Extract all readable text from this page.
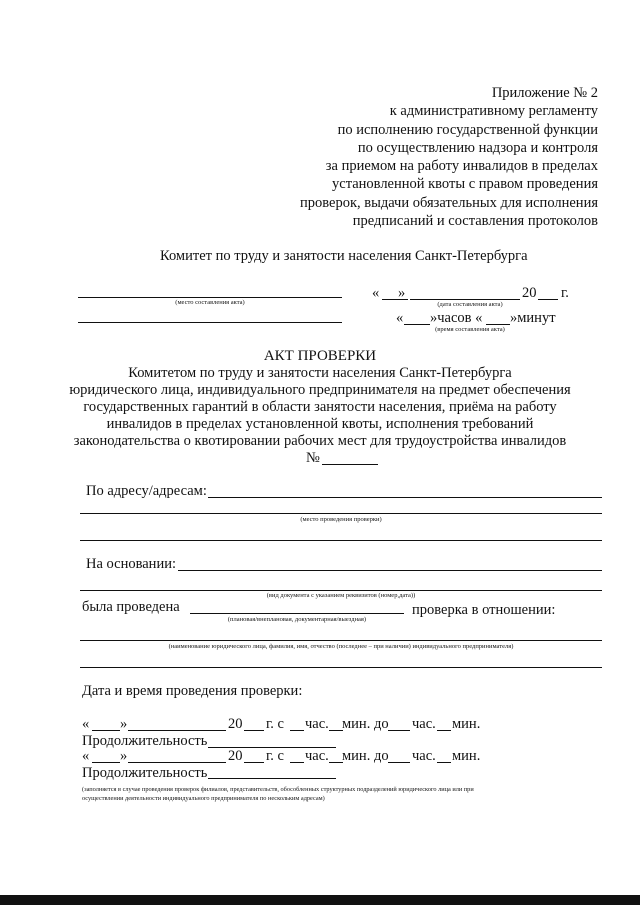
Приложение № 2
к административному регламенту
по исполнению государственной функции
по осуществлению надзора и контроля
за приемом на работу инвалидов в пределах
установленной квоты с правом проведения
проверок, выдачи обязательных для исполнения
предписаний и составления протоколов
Комитет по труду и занятости населения Санкт-Петербурга
(место составления акта)
« »	20 г.
(дата составления акта)
« »часов « »минут
(время составления акта)
АКТ ПРОВЕРКИ
Комитетом по труду и занятости населения Санкт-Петербурга
юридического лица, индивидуального предпринимателя на предмет обеспечения
государственных гарантий в области занятости населения, приёма на работу
инвалидов в пределах установленной квоты, исполнения требований
законодательства о квотировании рабочих мест для трудоустройства инвалидов
№
По адресу/адресам:
(место проведения проверки)
На основании:
(вид документа с указанием реквизитов (номер,дата))
была проведена	проверка в отношении:
(плановая/внеплановая, документарная/выездная)
(наименование юридического лица, фамилия, имя, отчество (последнее – при наличии) индивидуального предпринимателя)
Дата и время проведения проверки:
« »	20 г. с час. мин. до час. мин.
Продолжительность
« »	20 г. с час. мин. до час. мин.
Продолжительность
(заполняется в случае проведения проверок филиалов, представительств, обособленных структурных подразделений юридического лица или при
осуществлении деятельности индивидуального предпринимателя по нескольким адресам)
